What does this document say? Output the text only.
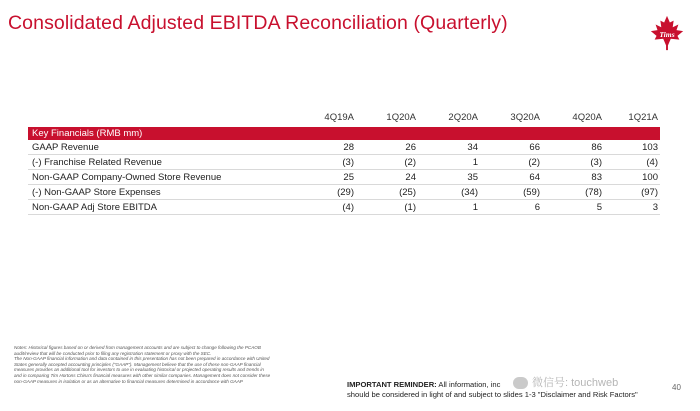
Consolidated Adjusted EBITDA Reconciliation (Quarterly)
Tims
4Q19A	1Q20A	2Q20A	3Q20A	4Q20A	1Q21A
Key Financials (RMB mm)
GAAP Revenue	28	26	34	66	86	103
(-) Franchise Related Revenue	(3)	(2)	1	(2)	(3)	(4)
Non-GAAP Company-Owned Store Revenue	25	24	35	64	83	100
(-) Non-GAAP Store Expenses	(29)	(25)	(34)	(59)	(78)	(97)
Non-GAAP Adj Store EBITDA	(4)	(1)	1	6	5	3
Notes: Historical figures based on or derived from management accounts and are subject to change following the PCAOB
audit/review that will be conducted prior to filing any registration statement or proxy with the SEC.
The Non-GAAP financial information and data contained in this presentation has not been prepared in accordance with United
States generally accepted accounting principles ("GAAP"). Management believe that the use of these non-GAAP financial
measures provides an additional tool for investors to use in evaluating historical or projected operating results and trends in
and in comparing Tim Hortons China's financial measures with other similar companies. Management does not consider these
non-GAAP measures in isolation or as an alternative to financial measures determined in accordance with GAAP	IMPORTANT REMINDER: All information, inc
should be considered in light of and subject to slides 1-3 "Disclaimer and Risk Factors"
微信号: touchweb	40
